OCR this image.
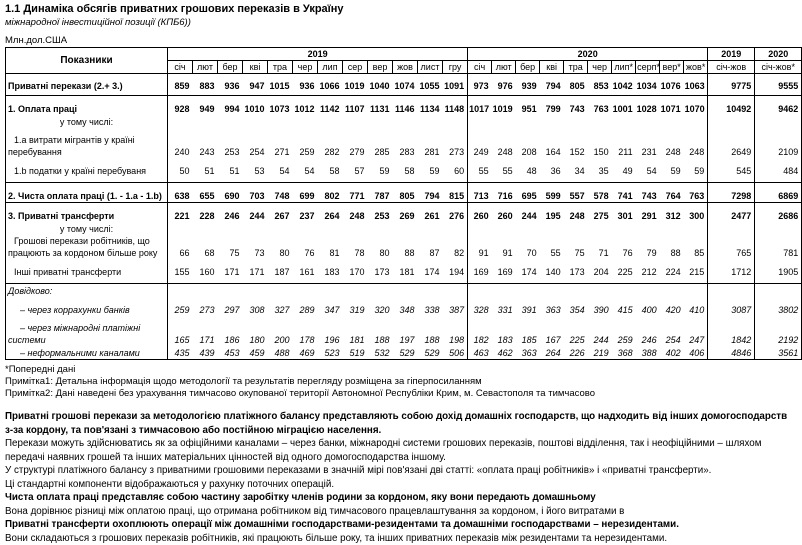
1.1 Динаміка обсягів приватних грошових переказів в Україну
міжнародної інвестиційної позиції (КПБ6))
Млн.дол.США
Показники	2019												2020										2019	2020
	січ	лют	бер	кві	тра	чер	лип	сер	вер	жов	лист	гру	січ	лют	бер	кві	тра	чер	лип*	серп*	вер*	жов*	січ-жов	січ-жов*
Приватні перекази (2.+ 3.)	859	883	936	947	1015	936	1066	1019	1040	1074	1055	1091	973	976	939	794	805	853	1042	1034	1076	1063	9775	9555
1. Оплата праці	928	949	994	1010	1073	1012	1142	1107	1131	1146	1134	1148	1017	1019	951	799	743	763	1001	1028	1071	1070	10492	9462
у тому числі:																								
1.a витрати мігрантів у країні перебування	240	243	253	254	271	259	282	279	285	283	281	273	249	248	208	164	152	150	211	231	248	248	2649	2109
1.b податки у країні перебуваня	50	51	51	53	54	54	58	57	59	58	59	60	55	55	48	36	34	35	49	54	59	59	545	484
2. Чиста оплата праці (1. - 1.a - 1.b)	638	655	690	703	748	699	802	771	787	805	794	815	713	716	695	599	557	578	741	743	764	763	7298	6869
3. Приватні трансферти	221	228	246	244	267	237	264	248	253	269	261	276	260	260	244	195	248	275	301	291	312	300	2477	2686
у тому числі:																								
Грошові перекази робітників, що працюють за кордоном більше року	66	68	75	73	80	76	81	78	80	88	87	82	91	91	70	55	75	71	76	79	88	85	765	781
Інші приватні трансферти	155	160	171	171	187	161	183	170	173	181	174	194	169	169	174	140	173	204	225	212	224	215	1712	1905
Довідково:																								
– через коррахунки банків	259	273	297	308	327	289	347	319	320	348	338	387	328	331	391	363	354	390	415	400	420	410	3087	3802
– через міжнародні платіжні системи	165	171	186	180	200	178	196	181	188	197	188	198	182	183	185	167	225	244	259	246	254	247	1842	2192
– неформальними каналами	435	439	453	459	488	469	523	519	532	529	529	506	463	462	363	264	226	219	368	388	402	406	4846	3561
*Попередні дані
Примітка1: Детальна інформація щодо методології та результатів перегляду розміщена за гіперпосиланням
Примітка2: Дані наведені без урахування тимчасово окупованої території Автономної Республіки Крим, м. Севастополя та тимчасово
Приватні грошові перекази за методологією платіжного балансу представляють собою дохід домашніх господарств, що надходить від інших домогосподарств з-за кордону, та пов'язані з тимчасовою або постійною міграцією населення.
Перекази можуть здійснюватись як за офіційними каналами – через банки, міжнародні системи грошових переказів, поштові відділення, так і неофіційними – шляхом передачі наявних грошей та інших матеріальних цінностей від одного домогосподарства іншому.
У структурі платіжного балансу з приватними грошовими переказами в значній мірі пов'язані дві статті: «оплата праці робітників» і «приватні трансферти».
Ці стандартні компоненти відображаються у рахунку поточних операцій.
Чиста оплата праці представляє собою частину заробітку членів родини за кордоном, яку вони передають домашньому
Вона дорівнює різниці між оплатою праці, що отримана робітником від тимчасового працевлаштування за кордоном, і його витратами в
Приватні трансферти охоплюють операції між домашніми господарствами-резидентами та домашніми господарствами – нерезидентами.
Вони складаються з грошових переказів робітників, які працюють більше року, та інших приватних переказів між резидентами та нерезидентами.
